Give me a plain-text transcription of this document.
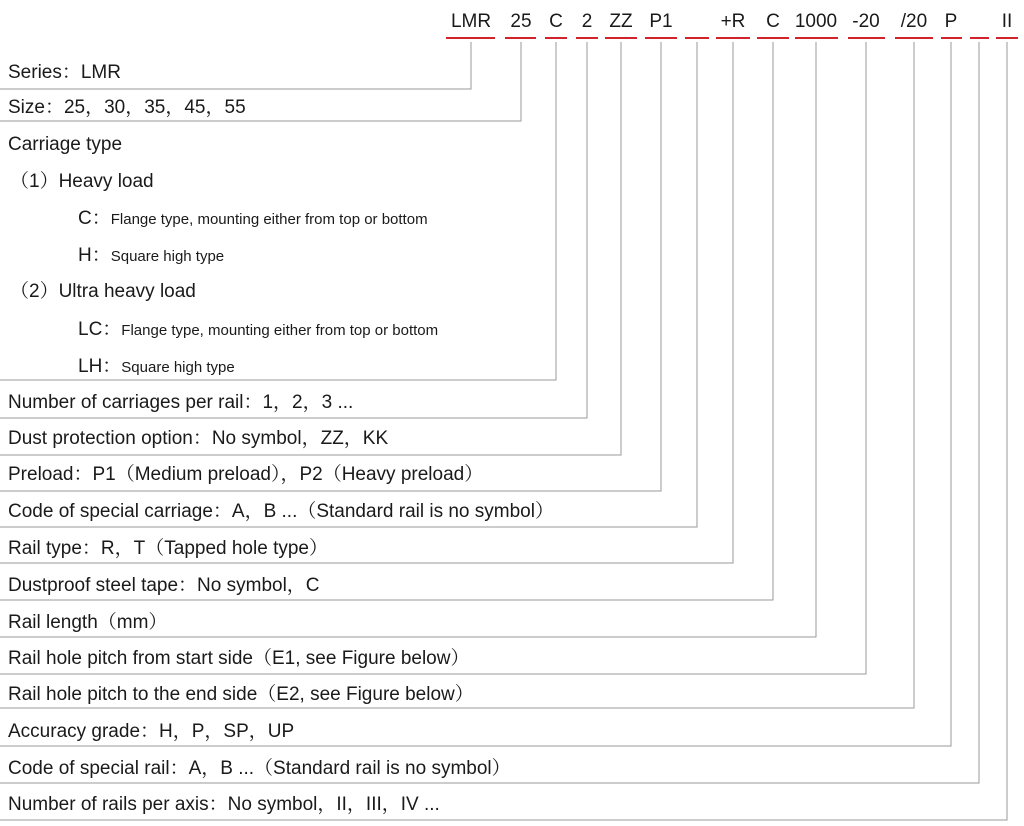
LMR 25 C 2 ZZ P1	+R C 1000 -20 /20 P II
Series：LMR
Size：25，30，35，45，55
Carriage type
（1）Heavy load
C：Flange type, mounting either from top or bottom
H：Square high type
（2）Ultra heavy load
LC：Flange type, mounting either from top or bottom
LH：Square high type
Number of carriages per rail：1，2，3 ...
Dust protection option：No symbol，ZZ，KK
Preload：P1（Medium preload），P2（Heavy preload）
Code of special carriage：A，B ...（Standard rail is no symbol）
Rail type：R，T（Tapped hole type）
Dustproof steel tape：No symbol，C
Rail length（mm）
Rail hole pitch from start side（E1, see Figure below）
Rail hole pitch to the end side（E2, see Figure below）
Accuracy grade：H，P，SP，UP
Code of special rail：A，B ...（Standard rail is no symbol）
Number of rails per axis：No symbol，II，III，IV ...
